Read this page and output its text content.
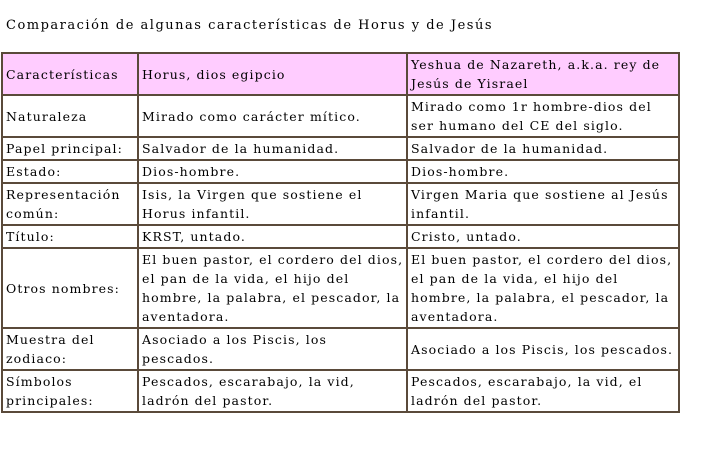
Comparación de algunas características de Horus y de Jesús
Características	Horus, dios egipcio	Yeshua de Nazareth, a.k.a. rey de Jesús de Yisrael
Naturaleza	Mirado como carácter mítico.	Mirado como 1r hombre-dios del ser humano del CE del siglo.
Papel principal:	Salvador de la humanidad.	Salvador de la humanidad.
Estado:	Dios-hombre.	Dios-hombre.
Representación común:	Isis, la Virgen que sostiene el Horus infantil.	Virgen Maria que sostiene al Jesús infantil.
Título:	KRST, untado.	Cristo, untado.
Otros nombres:	El buen pastor, el cordero del dios, el pan de la vida, el hijo del hombre, la palabra, el pescador, la aventadora.	El buen pastor, el cordero del dios, el pan de la vida, el hijo del hombre, la palabra, el pescador, la aventadora.
Muestra del zodiaco:	Asociado a los Piscis, los pescados.	Asociado a los Piscis, los pescados.
Símbolos principales:	Pescados, escarabajo, la vid, ladrón del pastor.	Pescados, escarabajo, la vid, el ladrón del pastor.
